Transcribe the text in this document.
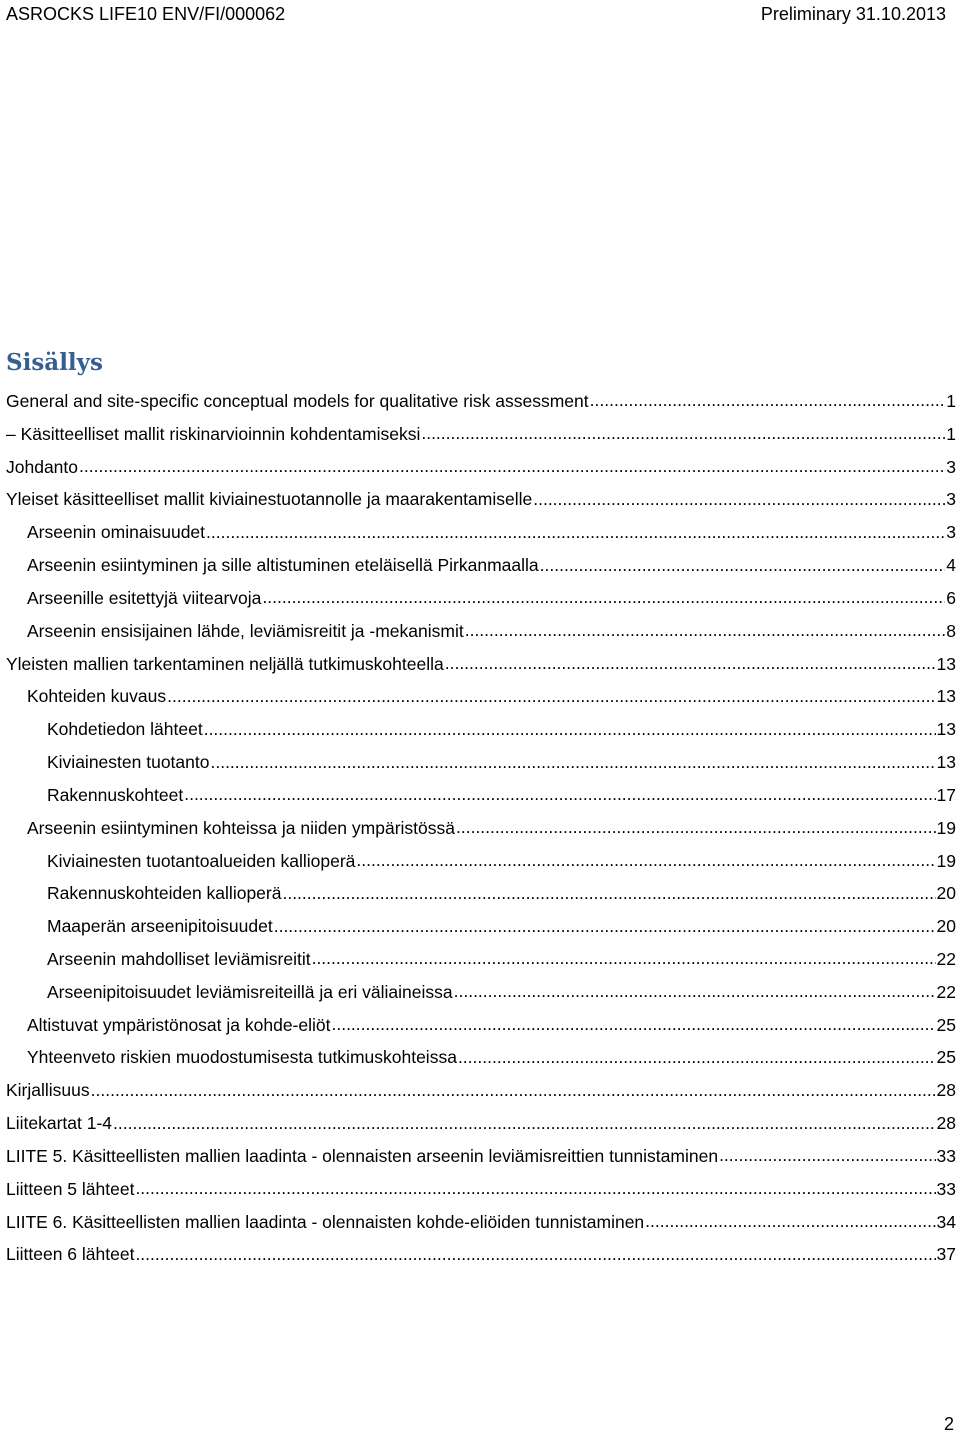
ASROCKS LIFE10 ENV/FI/000062	Preliminary 31.10.2013
Sisällys
General and site-specific conceptual models for qualitative risk assessment .....	1
– Käsitteelliset mallit riskinarvioinnin kohdentamiseksi .....	1
Johdanto .....	3
Yleiset käsitteelliset mallit kiviainestuotannolle ja maarakentamiselle .....	3
Arseenin ominaisuudet .....	3
Arseenin esiintyminen ja sille altistuminen eteläisellä Pirkanmaalla .....	4
Arseenille esitettyjä viitearvoja .....	6
Arseenin ensisijainen lähde, leviämisreitit ja -mekanismit .....	8
Yleisten mallien tarkentaminen neljällä tutkimuskohteella .....	13
Kohteiden kuvaus .....	13
Kohdetiedon lähteet .....	13
Kiviainesten tuotanto .....	13
Rakennuskohteet .....	17
Arseenin esiintyminen kohteissa ja niiden ympäristössä .....	19
Kiviainesten tuotantoalueiden kallioperä .....	19
Rakennuskohteiden kallioperä .....	20
Maaperän arseenipitoisuudet .....	20
Arseenin mahdolliset leviämisreitit .....	22
Arseenipitoisuudet leviämisreiteillä ja eri väliaineissa .....	22
Altistuvat ympäristönosat ja kohde-eliöt .....	25
Yhteenveto riskien muodostumisesta tutkimuskohteissa .....	25
Kirjallisuus .....	28
Liitekartat 1-4 .....	28
LIITE 5. Käsitteellisten mallien laadinta - olennaisten arseenin leviämisreittien tunnistaminen .....	33
Liitteen 5 lähteet .....	33
LIITE 6. Käsitteellisten mallien laadinta - olennaisten kohde-eliöiden tunnistaminen .....	34
Liitteen 6 lähteet .....	37
2
